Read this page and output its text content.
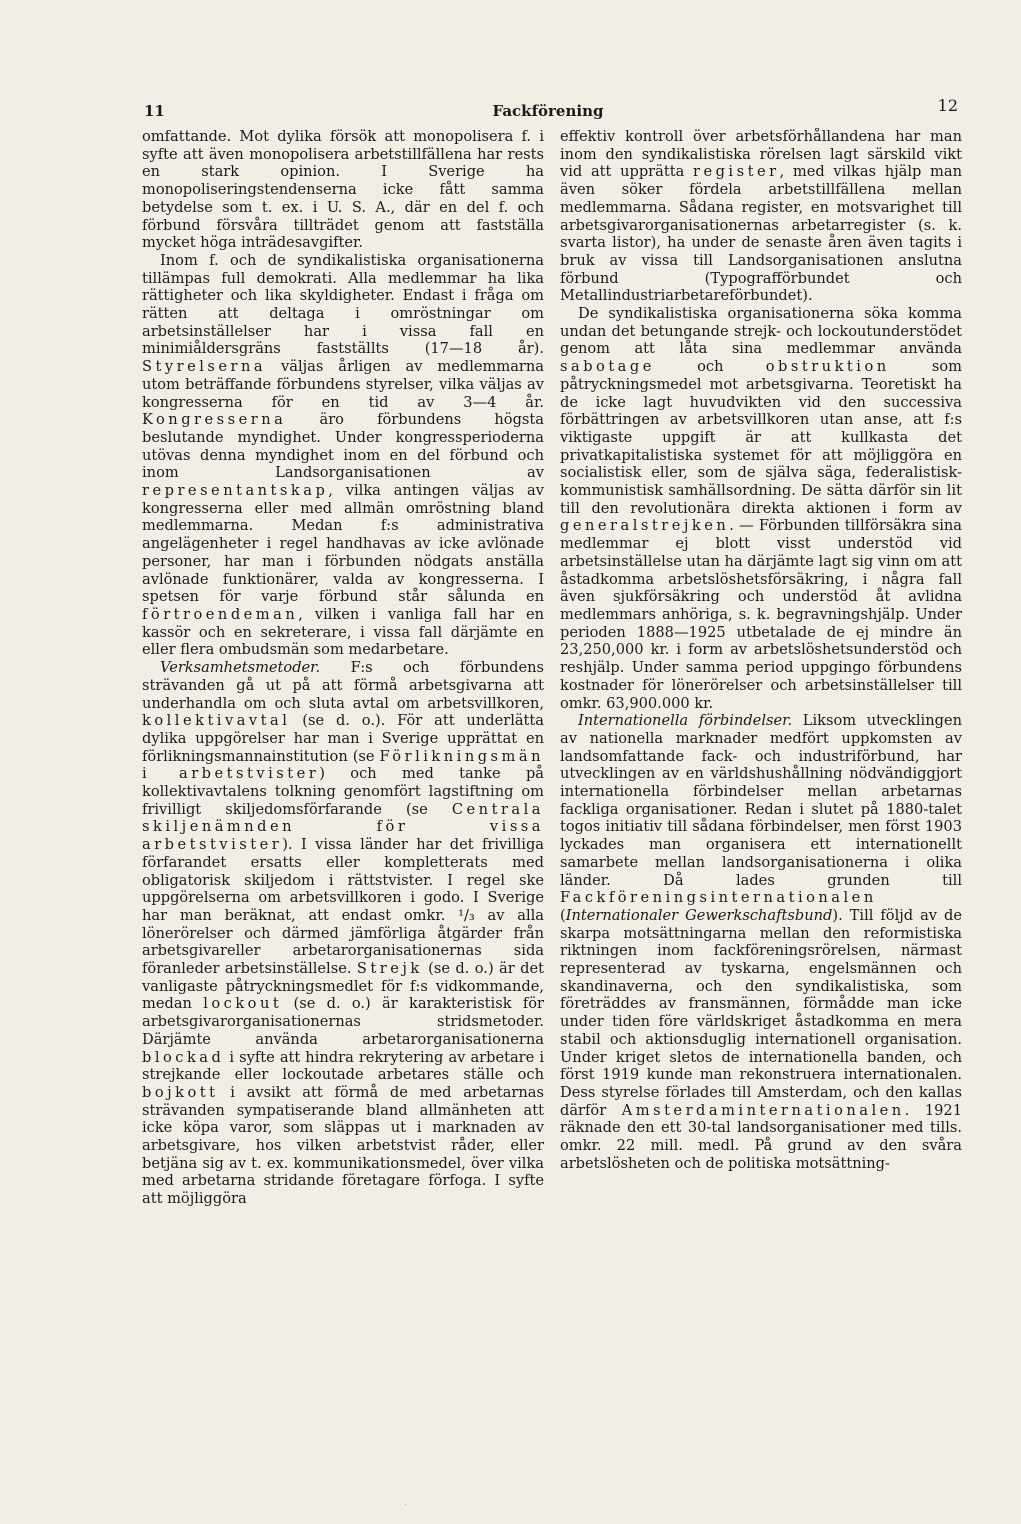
11	Fackförening	12

omfattande. Mot dylika försök att monopolisera f. i syfte att även monopolisera arbetstillfällena har rests en stark opinion. I Sverige ha monopoliseringstendenserna icke fått samma betydelse som t. ex. i U. S. A., där en del f. och förbund försvåra tillträdet genom att fastställa mycket höga inträdesavgifter.

Inom f. och de syndikalistiska organisationerna tillämpas full demokrati. Alla medlemmar ha lika rättigheter och lika skyldigheter. Endast i fråga om rätten att deltaga i omröstningar om arbetsinställelser har i vissa fall en minimiåldersgräns fastställts (17—18 år). Styrelserna väljas årligen av medlemmarna utom beträffande förbundens styrelser, vilka väljas av kongresserna för en tid av 3—4 år. Kongresserna äro förbundens högsta beslutande myndighet. Under kongressperioderna utövas denna myndighet inom en del förbund och inom Landsorganisationen av representantskap, vilka antingen väljas av kongresserna eller med allmän omröstning bland medlemmarna. Medan f:s administrativa angelägenheter i regel handhavas av icke avlönade personer, har man i förbunden nödgats anställa avlönade funktionärer, valda av kongresserna. I spetsen för varje förbund står sålunda en förtroendeman, vilken i vanliga fall har en kassör och en sekreterare, i vissa fall därjämte en eller flera ombudsmän som medarbetare.

Verksamhetsmetoder. F:s och förbundens strävanden gå ut på att förmå arbetsgivarna att underhandla om och sluta avtal om arbetsvillkoren, kollektivavtal (se d. o.). För att underlätta dylika uppgörelser har man i Sverige upprättat en förlikningsmannainstitution (se Förlikningsmän i arbetstvister) och med tanke på kollektivavtalens tolkning genomfört lagstiftning om frivilligt skiljedomsförfarande (se Centrala skiljenämnden för vissa arbetstvister). I vissa länder har det frivilliga förfarandet ersatts eller kompletterats med obligatorisk skiljedom i rättstvister. I regel ske uppgörelserna om arbetsvillkoren i godo. I Sverige har man beräknat, att endast omkr. ¹/₃ av alla lönerörelser och därmed jämförliga åtgärder från arbetsgivareller arbetarorganisationernas sida föranleder arbetsinställelse. Strejk (se d. o.) är det vanligaste påtryckningsmedlet för f:s vidkommande, medan lockout (se d. o.) är karakteristisk för arbetsgivarorganisationernas stridsmetoder. Därjämte använda arbetarorganisationerna blockad i syfte att hindra rekrytering av arbetare i strejkande eller lockoutade arbetares ställe och bojkott i avsikt att förmå de med arbetarnas strävanden sympatiserande bland allmänheten att icke köpa varor, som släppas ut i marknaden av arbetsgivare, hos vilken arbetstvist råder, eller betjäna sig av t. ex. kommunikationsmedel, över vilka med arbetarna stridande företagare förfoga. I syfte att möjliggöra

effektiv kontroll över arbetsförhållandena har man inom den syndikalistiska rörelsen lagt särskild vikt vid att upprätta register, med vilkas hjälp man även söker fördela arbetstillfällena mellan medlemmarna. Sådana register, en motsvarighet till arbetsgivarorganisationernas arbetarregister (s. k. svarta listor), ha under de senaste åren även tagits i bruk av vissa till Landsorganisationen anslutna förbund (Typografförbundet och Metallindustriarbetareförbundet).

De syndikalistiska organisationerna söka komma undan det betungande strejk- och lockoutunderstödet genom att låta sina medlemmar använda sabotage och obstruktion som påtryckningsmedel mot arbetsgivarna. Teoretiskt ha de icke lagt huvudvikten vid den successiva förbättringen av arbetsvillkoren utan anse, att f:s viktigaste uppgift är att kullkasta det privatkapitalistiska systemet för att möjliggöra en socialistisk eller, som de själva säga, federalistisk-kommunistisk samhällsordning. De sätta därför sin lit till den revolutionära direkta aktionen i form av generalstrejken. — Förbunden tillförsäkra sina medlemmar ej blott visst understöd vid arbetsinställelse utan ha därjämte lagt sig vinn om att åstadkomma arbetslöshetsförsäkring, i några fall även sjukförsäkring och understöd åt avlidna medlemmars anhöriga, s. k. begravningshjälp. Under perioden 1888—1925 utbetalade de ej mindre än 23,250,000 kr. i form av arbetslöshetsunderstöd och reshjälp. Under samma period uppgingo förbundens kostnader för lönerörelser och arbetsinställelser till omkr. 63,900.000 kr.

Internationella förbindelser. Liksom utvecklingen av nationella marknader medfört uppkomsten av landsomfattande fack- och industriförbund, har utvecklingen av en världshushållning nödvändiggjort internationella förbindelser mellan arbetarnas fackliga organisationer. Redan i slutet på 1880-talet togos initiativ till sådana förbindelser, men först 1903 lyckades man organisera ett internationellt samarbete mellan landsorganisationerna i olika länder. Då lades grunden till Fackföreningsinternationalen (Internationaler Gewerkschaftsbund). Till följd av de skarpa motsättningarna mellan den reformistiska riktningen inom fackföreningsrörelsen, närmast representerad av tyskarna, engelsmännen och skandinaverna, och den syndikalistiska, som företräddes av fransmännen, förmådde man icke under tiden före världskriget åstadkomma en mera stabil och aktionsduglig internationell organisation. Under kriget sletos de internationella banden, och först 1919 kunde man rekonstruera internationalen. Dess styrelse förlades till Amsterdam, och den kallas därför Amsterdaminternationalen. 1921 räknade den ett 30-tal landsorganisationer med tills. omkr. 22 mill. medl. På grund av den svåra arbetslösheten och de politiska motsättning-

ˎ
